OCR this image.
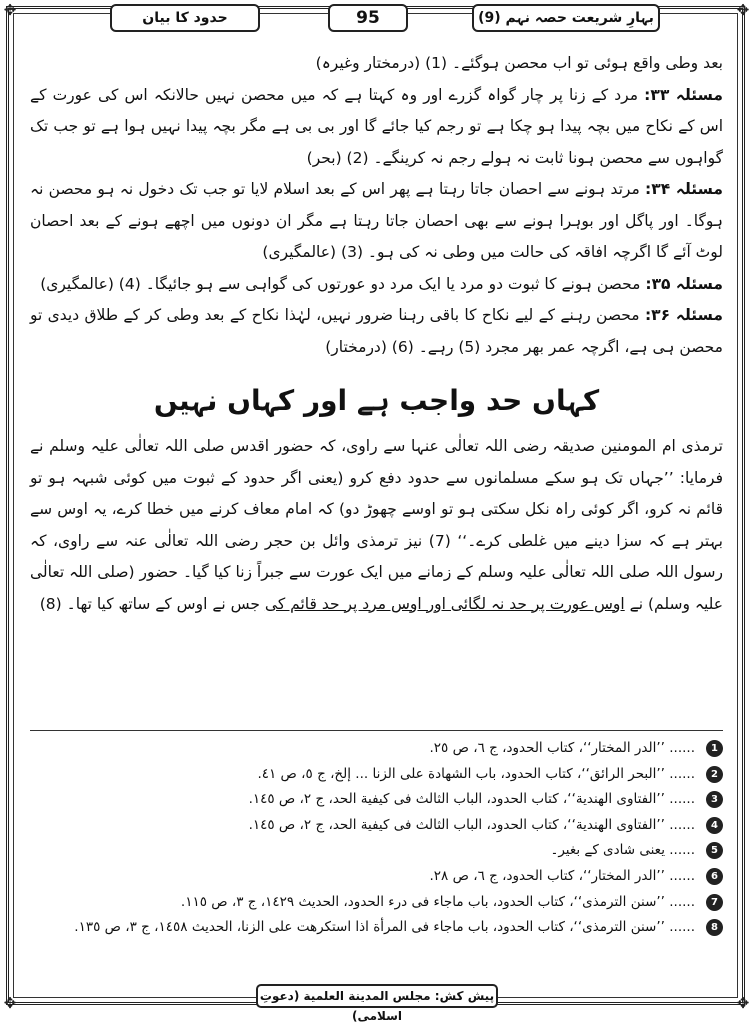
✥	✥
✥	✥
حدود کا بیان	95	بہارِ شریعت حصہ نہم (9)

بعد وطی واقع ہوئی تو اب محصن ہوگئے۔ (1) (درمختار وغیرہ)

مسئلہ ۳۳: مرد کے زنا پر چار گواہ گزرے اور وہ کہتا ہے کہ میں محصن نہیں حالانکہ اس کی عورت کے اس کے نکاح میں بچہ پیدا ہو چکا ہے تو رجم کیا جائے گا اور بی بی ہے مگر بچہ پیدا نہیں ہوا ہے تو جب تک گواہوں سے محصن ہونا ثابت نہ ہولے رجم نہ کرینگے۔ (2) (بحر)

مسئلہ ۳۴: مرتد ہونے سے احصان جاتا رہتا ہے پھر اس کے بعد اسلام لایا تو جب تک دخول نہ ہو محصن نہ ہوگا۔ اور پاگل اور بوہرا ہونے سے بھی احصان جاتا رہتا ہے مگر ان دونوں میں اچھے ہونے کے بعد احصان لوٹ آئے گا اگرچہ افاقہ کی حالت میں وطی نہ کی ہو۔ (3) (عالمگیری)

مسئلہ ۳۵: محصن ہونے کا ثبوت دو مرد یا ایک مرد دو عورتوں کی گواہی سے ہو جائیگا۔ (4) (عالمگیری)

مسئلہ ۳۶: محصن رہنے کے لیے نکاح کا باقی رہنا ضرور نہیں، لہٰذا نکاح کے بعد وطی کر کے طلاق دیدی تو محصن ہی ہے، اگرچہ عمر بھر مجرد (5) رہے۔ (6) (درمختار)

کہاں حد واجب ہے اور کہاں نہیں

ترمذی ام المومنین صدیقہ رضی اللہ تعالٰی عنہا سے راوی، کہ حضور اقدس صلی اللہ تعالٰی علیہ وسلم نے فرمایا: ’’جہاں تک ہو سکے مسلمانوں سے حدود دفع کرو (یعنی اگر حدود کے ثبوت میں کوئی شبہہ ہو تو قائم نہ کرو، اگر کوئی راہ نکل سکتی ہو تو اوسے چھوڑ دو) کہ امام معاف کرنے میں خطا کرے، یہ اوس سے بہتر ہے کہ سزا دینے میں غلطی کرے۔‘‘ (7) نیز ترمذی وائل بن حجر رضی اللہ تعالٰی عنہ سے راوی، کہ رسول اللہ صلی اللہ تعالٰی علیہ وسلم کے زمانے میں ایک عورت سے جبراً زنا کیا گیا۔ حضور (صلی اللہ تعالٰی علیہ وسلم) نے اوس عورت پر حد نہ لگائی اور اوس مرد پر حد قائم کی جس نے اوس کے ساتھ کیا تھا۔ (8)

1
...... ’’الدر المختار‘‘، کتاب الحدود، ج ٦، ص ٢٥.
2
...... ’’البحر الرائق‘‘، کتاب الحدود، باب الشهادة علی الزنا ... إلخ، ج ٥، ص ٤١.
3
...... ’’الفتاوی الهندية‘‘، کتاب الحدود، الباب الثالث فی کیفیة الحد، ج ٢، ص ١٤٥.
4
...... ’’الفتاوی الهندية‘‘، کتاب الحدود، الباب الثالث فی کیفیة الحد، ج ٢، ص ١٤٥.
5
...... یعنی شادی کے بغیر۔
6
...... ’’الدر المختار‘‘، کتاب الحدود، ج ٦، ص ٢٨.
7
...... ’’سنن الترمذی‘‘، کتاب الحدود، باب ماجاء فی درء الحدود، الحدیث ١٤٢٩، ج ٣، ص ١١٥.
8
...... ’’سنن الترمذی‘‘، کتاب الحدود، باب ماجاء فی المرأة اذا استکرهت علی الزنا، الحدیث ١٤٥٨، ج ٣، ص ١٣٥.
پیش کش: مجلس المدینة العلمیة (دعوتِ اسلامی)
